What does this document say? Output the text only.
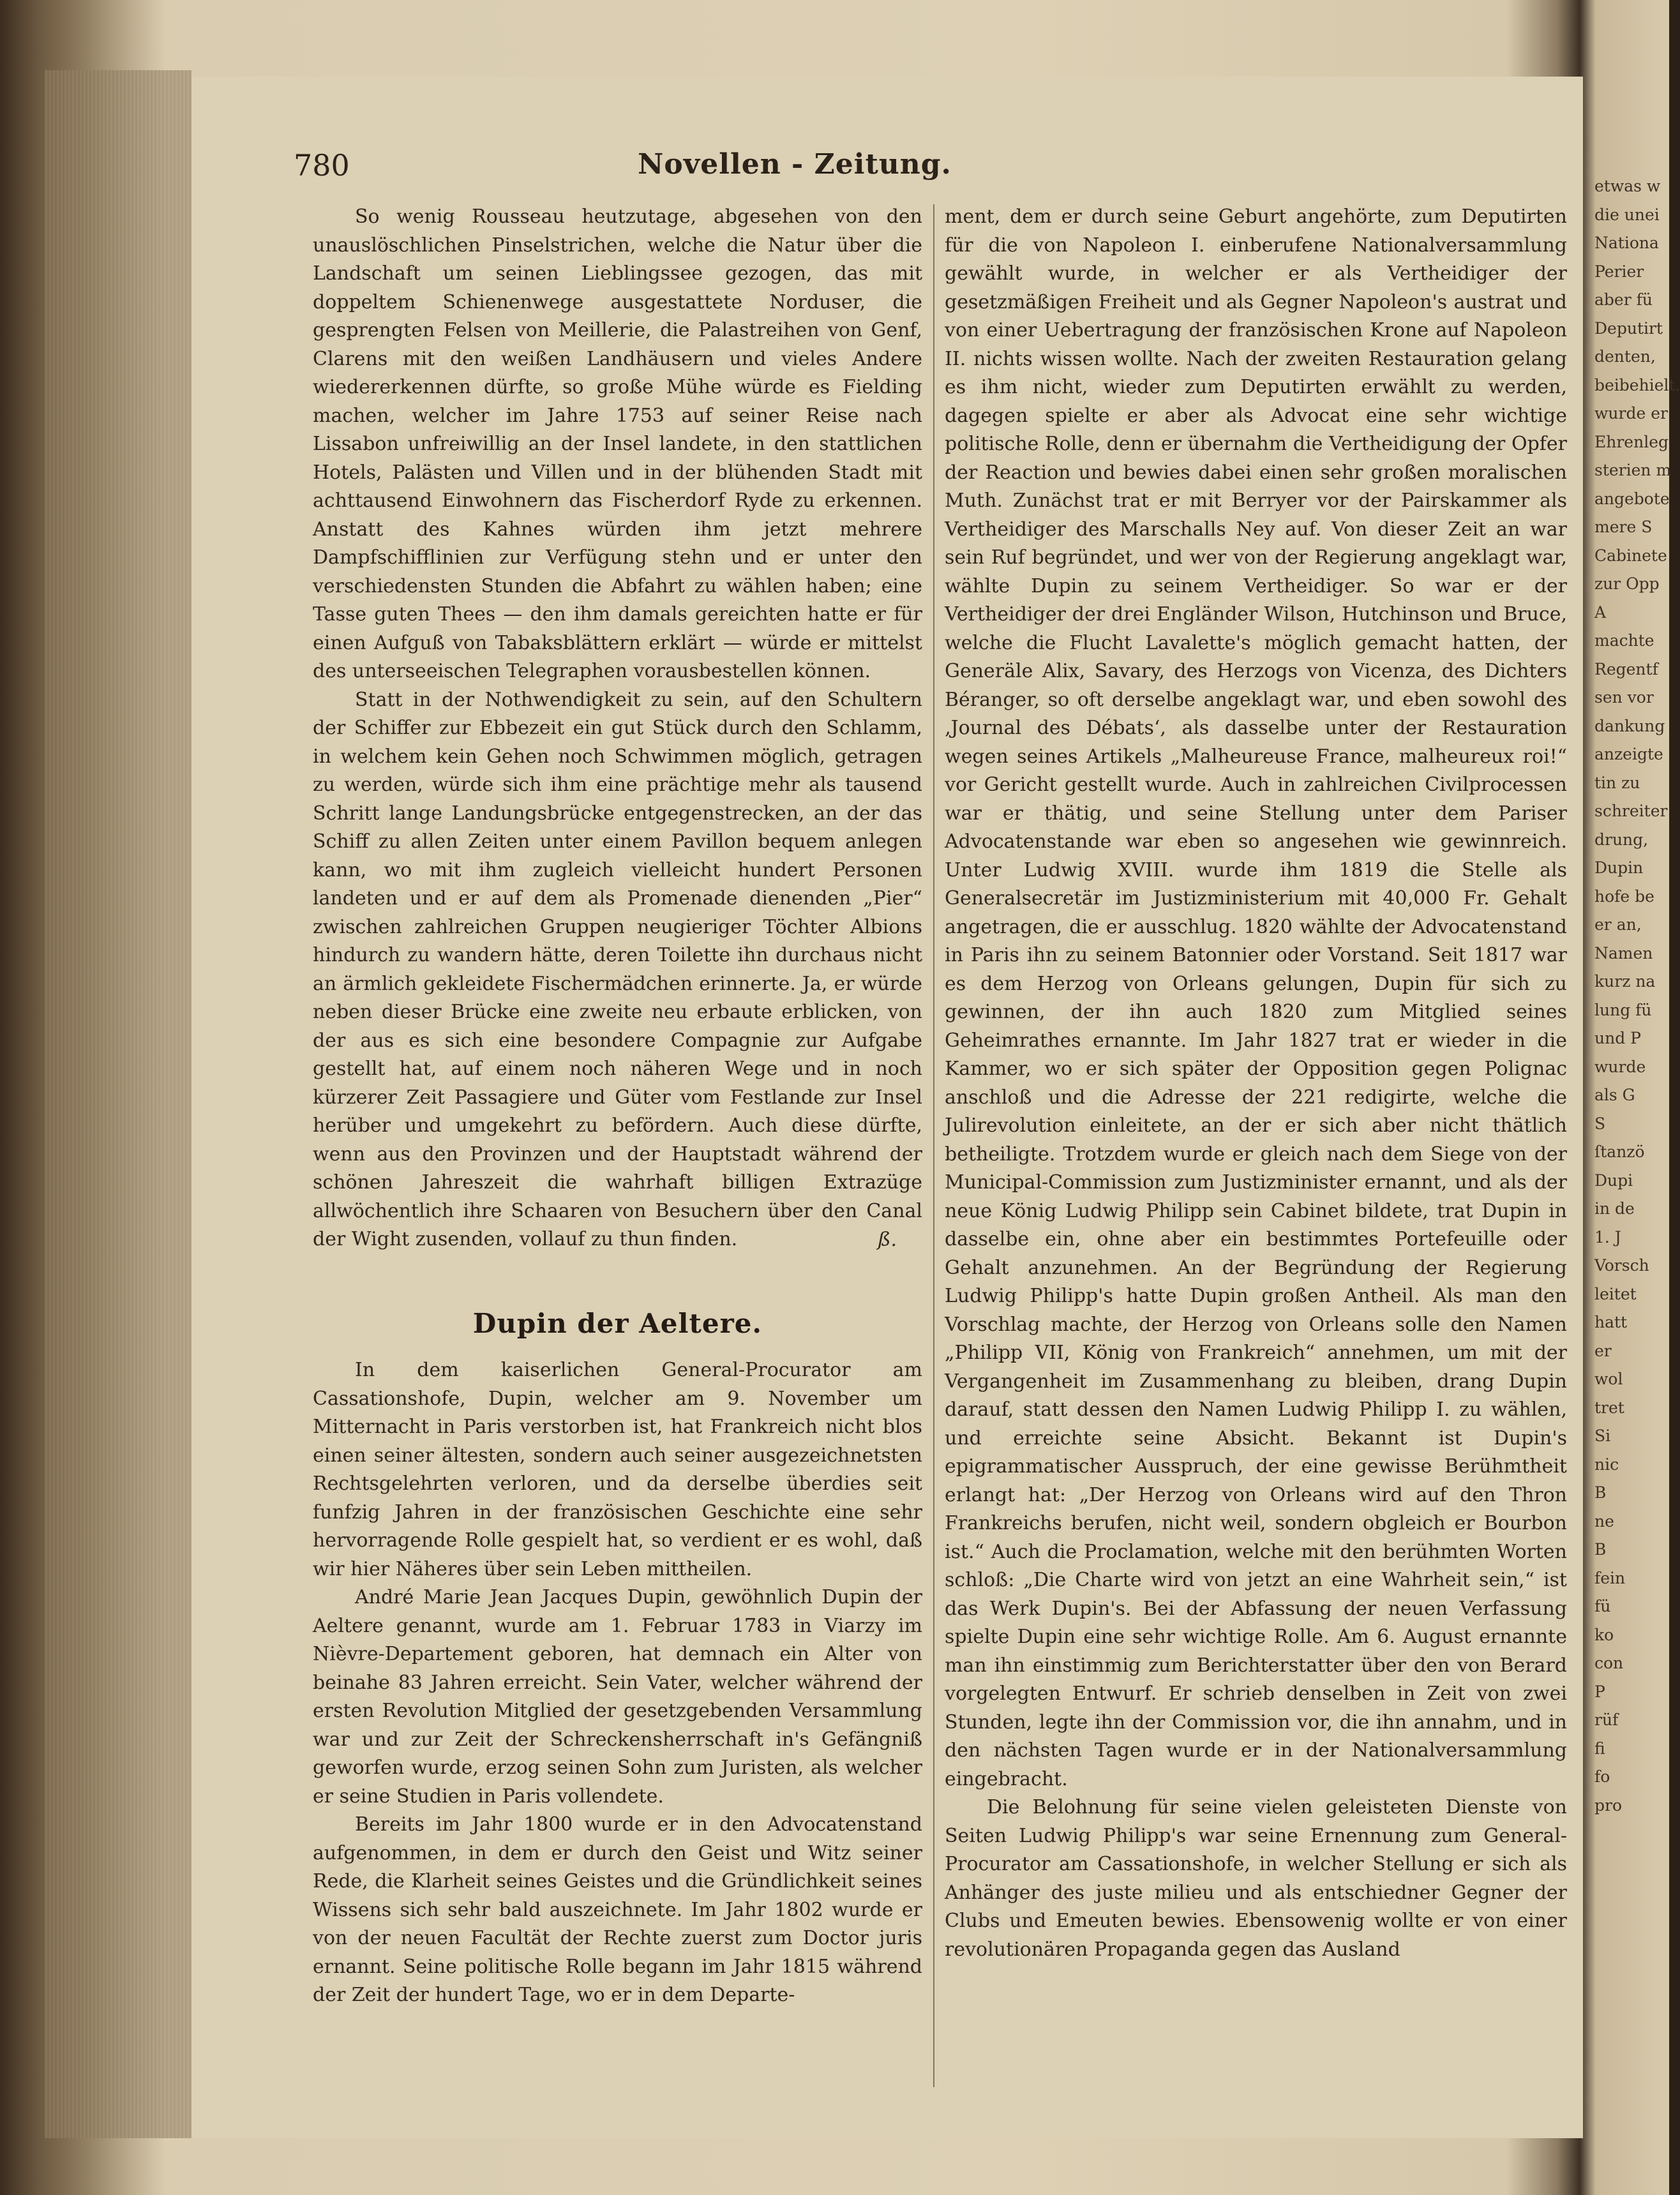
780	Novellen - Zeitung.

So wenig Rousseau heutzutage, abgesehen von den unauslöschlichen Pinselstrichen, welche die Natur über die Landschaft um seinen Lieblingssee gezogen, das mit doppeltem Schienenwege ausgestattete Norduser, die gesprengten Felsen von Meillerie, die Palastreihen von Genf, Clarens mit den weißen Landhäusern und vieles Andere wiedererkennen dürfte, so große Mühe würde es Fielding machen, welcher im Jahre 1753 auf seiner Reise nach Lissabon unfreiwillig an der Insel landete, in den stattlichen Hotels, Palästen und Villen und in der blühenden Stadt mit achttausend Einwohnern das Fischerdorf Ryde zu erkennen. Anstatt des Kahnes würden ihm jetzt mehrere Dampfschifflinien zur Verfügung stehn und er unter den verschiedensten Stunden die Abfahrt zu wählen haben; eine Tasse guten Thees — den ihm damals gereichten hatte er für einen Aufguß von Tabaksblättern erklärt — würde er mittelst des unterseeischen Telegraphen vorausbestellen können.

Statt in der Nothwendigkeit zu sein, auf den Schultern der Schiffer zur Ebbezeit ein gut Stück durch den Schlamm, in welchem kein Gehen noch Schwimmen möglich, getragen zu werden, würde sich ihm eine prächtige mehr als tausend Schritt lange Landungsbrücke entgegenstrecken, an der das Schiff zu allen Zeiten unter einem Pavillon bequem anlegen kann, wo mit ihm zugleich vielleicht hundert Personen landeten und er auf dem als Promenade dienenden „Pier“ zwischen zahlreichen Gruppen neugieriger Töchter Albions hindurch zu wandern hätte, deren Toilette ihn durchaus nicht an ärmlich gekleidete Fischermädchen erinnerte. Ja, er würde neben dieser Brücke eine zweite neu erbaute erblicken, von der aus es sich eine besondere Compagnie zur Aufgabe gestellt hat, auf einem noch näheren Wege und in noch kürzerer Zeit Passagiere und Güter vom Festlande zur Insel herüber und umgekehrt zu befördern. Auch diese dürfte, wenn aus den Provinzen und der Hauptstadt während der schönen Jahreszeit die wahrhaft billigen Extrazüge allwöchentlich ihre Schaaren von Besuchern über den Canal der Wight zusenden, vollauf zu thun finden.	ß.
Dupin der Aeltere.

In dem kaiserlichen General-Procurator am Cassationshofe, Dupin, welcher am 9. November um Mitternacht in Paris verstorben ist, hat Frankreich nicht blos einen seiner ältesten, sondern auch seiner ausgezeichnetsten Rechtsgelehrten verloren, und da derselbe überdies seit funfzig Jahren in der französischen Geschichte eine sehr hervorragende Rolle gespielt hat, so verdient er es wohl, daß wir hier Näheres über sein Leben mittheilen.

André Marie Jean Jacques Dupin, gewöhnlich Dupin der Aeltere genannt, wurde am 1. Februar 1783 in Viarzy im Nièvre-Departement geboren, hat demnach ein Alter von beinahe 83 Jahren erreicht. Sein Vater, welcher während der ersten Revolution Mitglied der gesetzgebenden Versammlung war und zur Zeit der Schreckensherrschaft in's Gefängniß geworfen wurde, erzog seinen Sohn zum Juristen, als welcher er seine Studien in Paris vollendete.

Bereits im Jahr 1800 wurde er in den Advocatenstand aufgenommen, in dem er durch den Geist und Witz seiner Rede, die Klarheit seines Geistes und die Gründlichkeit seines Wissens sich sehr bald auszeichnete. Im Jahr 1802 wurde er von der neuen Facultät der Rechte zuerst zum Doctor juris ernannt. Seine politische Rolle begann im Jahr 1815 während der Zeit der hundert Tage, wo er in dem Departe-

ment, dem er durch seine Geburt angehörte, zum Deputirten für die von Napoleon I. einberufene Nationalversammlung gewählt wurde, in welcher er als Vertheidiger der gesetzmäßigen Freiheit und als Gegner Napoleon's austrat und von einer Uebertragung der französischen Krone auf Napoleon II. nichts wissen wollte. Nach der zweiten Restauration gelang es ihm nicht, wieder zum Deputirten erwählt zu werden, dagegen spielte er aber als Advocat eine sehr wichtige politische Rolle, denn er übernahm die Vertheidigung der Opfer der Reaction und bewies dabei einen sehr großen moralischen Muth. Zunächst trat er mit Berryer vor der Pairskammer als Vertheidiger des Marschalls Ney auf. Von dieser Zeit an war sein Ruf begründet, und wer von der Regierung angeklagt war, wählte Dupin zu seinem Vertheidiger. So war er der Vertheidiger der drei Engländer Wilson, Hutchinson und Bruce, welche die Flucht Lavalette's möglich gemacht hatten, der Generäle Alix, Savary, des Herzogs von Vicenza, des Dichters Béranger, so oft derselbe angeklagt war, und eben sowohl des ‚Journal des Débats‘, als dasselbe unter der Restauration wegen seines Artikels „Malheureuse France, malheureux roi!“ vor Gericht gestellt wurde. Auch in zahlreichen Civilprocessen war er thätig, und seine Stellung unter dem Pariser Advocatenstande war eben so angesehen wie gewinnreich. Unter Ludwig XVIII. wurde ihm 1819 die Stelle als Generalsecretär im Justizministerium mit 40,000 Fr. Gehalt angetragen, die er ausschlug. 1820 wählte der Advocatenstand in Paris ihn zu seinem Batonnier oder Vorstand. Seit 1817 war es dem Herzog von Orleans gelungen, Dupin für sich zu gewinnen, der ihn auch 1820 zum Mitglied seines Geheimrathes ernannte. Im Jahr 1827 trat er wieder in die Kammer, wo er sich später der Opposition gegen Polignac anschloß und die Adresse der 221 redigirte, welche die Julirevolution einleitete, an der er sich aber nicht thätlich betheiligte. Trotzdem wurde er gleich nach dem Siege von der Municipal-Commission zum Justizminister ernannt, und als der neue König Ludwig Philipp sein Cabinet bildete, trat Dupin in dasselbe ein, ohne aber ein bestimmtes Portefeuille oder Gehalt anzunehmen. An der Begründung der Regierung Ludwig Philipp's hatte Dupin großen Antheil. Als man den Vorschlag machte, der Herzog von Orleans solle den Namen „Philipp VII, König von Frankreich“ annehmen, um mit der Vergangenheit im Zusammenhang zu bleiben, drang Dupin darauf, statt dessen den Namen Ludwig Philipp I. zu wählen, und erreichte seine Absicht. Bekannt ist Dupin's epigrammatischer Ausspruch, der eine gewisse Berühmtheit erlangt hat: „Der Herzog von Orleans wird auf den Thron Frankreichs berufen, nicht weil, sondern obgleich er Bourbon ist.“ Auch die Proclamation, welche mit den berühmten Worten schloß: „Die Charte wird von jetzt an eine Wahrheit sein,“ ist das Werk Dupin's. Bei der Abfassung der neuen Verfassung spielte Dupin eine sehr wichtige Rolle. Am 6. August ernannte man ihn einstimmig zum Berichterstatter über den von Berard vorgelegten Entwurf. Er schrieb denselben in Zeit von zwei Stunden, legte ihn der Commission vor, die ihn annahm, und in den nächsten Tagen wurde er in der Nationalversammlung eingebracht.

Die Belohnung für seine vielen geleisteten Dienste von Seiten Ludwig Philipp's war seine Ernennung zum General-Procurator am Cassationshofe, in welcher Stellung er sich als Anhänger des juste milieu und als entschiedner Gegner der Clubs und Emeuten bewies. Ebensowenig wollte er von einer revolutionären Propaganda gegen das Ausland

etwas w
die unei
Nationa
Perier
aber fü
Deputirt
denten,
beibehielt.
wurde er
Ehrenleg
sterien m
angebote
mere S
Cabinete
zur Opp
A
machte
Regentf
sen vor
dankung
anzeigte
tin zu
schreiter
drung,
Dupin
hofe be
er an,
Namen
kurz na
lung fü
und P
wurde
als G
S
ſtanzö
Dupi
in de
1. J
Vorsch
leitet
hatt
er
wol
tret
Si
nic
B
ne
B
fein
fü
ko
con
P
rüf
fi
fo
pro
